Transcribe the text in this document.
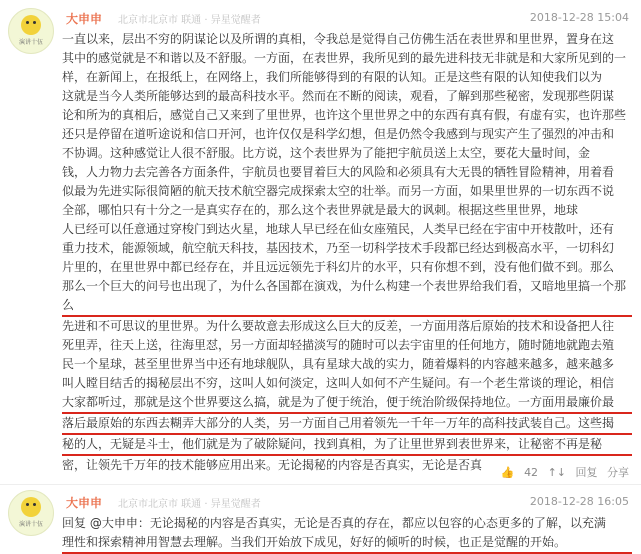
演讲十伍
大申申 北京市北京市 联通 · 异星觉醒者	2018-12-28 15:04
一直以来，层出不穷的阴谋论以及所谓的真相，令我总是觉得自己仿佛生活在表世界和里世界，置身在这
其中的感觉就是不和谐以及不舒服。一方面，在表世界，我所见到的最先进科技无非就是和大家所见到的一
样，在新闻上，在报纸上，在网络上，我们所能够得到的有限的认知。正是这些有限的认知使我们以为
这就是当今人类所能够达到的最高科技水平。然而在不断的阅读，观看，了解到那些秘密，发现那些阴谋
论和所为的真相后，感觉自己又来到了里世界，也许这个里世界之中的东西有真有假，有虚有实，也许那些
还只是停留在道听途说和信口开河，也许仅仅是科学幻想，但是仍然令我感到与现实产生了强烈的冲击和
不协调。这种感觉让人很不舒服。比方说，这个表世界为了能把宇航员送上太空，要花大量时间，金
钱，人力物力去完善各方面条件，宇航员也要冒着巨大的风险和必须具有大无畏的牺牲冒险精神，用着看
似最为先进实际很简陋的航天技术航空器完成探索太空的壮举。而另一方面，如果里世界的一切东西不说
全部，哪怕只有十分之一是真实存在的，那么这个表世界就是最大的讽刺。根据这些里世界，地球
人已经可以任意通过穿梭门到达火星，地球人早已经在仙女座殖民，人类早已经在宇宙中开枝散叶，还有
重力技术，能源领域，航空航天科技，基因技术，乃至一切科学技术手段都已经达到极高水平，一切科幻
片里的，在里世界中都已经存在，并且远远领先于科幻片的水平，只有你想不到，没有他们做不到。那么
那么一个巨大的问号也出现了，为什么各国都在演戏，为什么构建一个表世界给我们看，又暗地里搞一个那么
先进和不可思议的里世界。为什么要故意去形成这么巨大的反差，一方面用落后原始的技术和设备把人往
死里弄，往天上送，往海里怼，另一方面却轻描淡写的随时可以去宇宙里的任何地方，随时随地就跑去殖
民一个星球，甚至里世界当中还有地球舰队，具有星球大战的实力，随着爆料的内容越来越多，越来越多
叫人瞠目结舌的揭秘层出不穷，这叫人如何淡定，这叫人如何不产生疑问。有一个老生常谈的理论，相信
大家都听过，那就是这个世界要这么搞，就是为了便于统治，便于统治阶级保持地位。一方面用最廉价最
落后最原始的东西去糊弄大部分的人类，另一方面自己用着领先一千年一万年的高科技武装自己。这些揭
秘的人，无疑是斗士，他们就是为了破除疑问，找到真相，为了让里世界到表世界来，让秘密不再是秘
密，让领先千万年的技术能够应用出来。无论揭秘的内容是否真实，无论是否真
👍 42 ↑↓ 回复 分享
演讲十伍
大申申 北京市北京市 联通 · 异星觉醒者	2018-12-28 16:05
回复 @大申申：无论揭秘的内容是否真实，无论是否真的存在，都应以包容的心态更多的了解，以充满
理性和探索精神用智慧去理解。当我们开始放下成见，好好的倾听的时候，也正是觉醒的开始。
